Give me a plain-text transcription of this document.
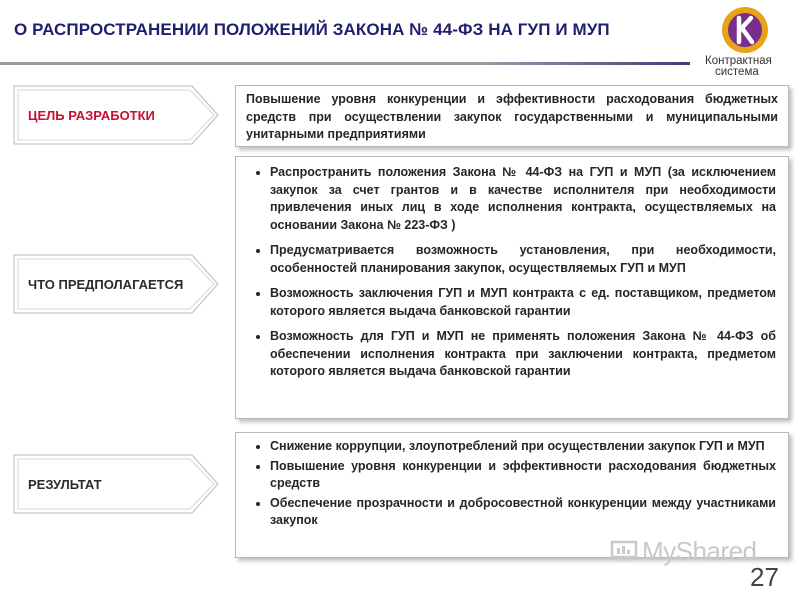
О РАСПРОСТРАНЕНИИ ПОЛОЖЕНИЙ ЗАКОНА № 44-ФЗ НА ГУП И МУП
Контрактная
система
ЦЕЛЬ РАЗРАБОТКИ
Повышение уровня конкуренции и эффективности расходования бюджетных средств при осуществлении закупок государственными и муниципальными унитарными предприятиями
ЧТО ПРЕДПОЛАГАЕТСЯ
• Распространить положения Закона № 44-ФЗ на ГУП и МУП (за исключением закупок за счет грантов и в качестве исполнителя при необходимости привлечения иных лиц в ходе исполнения контракта, осуществляемых на основании Закона № 223-ФЗ )
• Предусматривается возможность установления, при необходимости, особенностей планирования закупок, осуществляемых ГУП и МУП
• Возможность заключения ГУП и МУП контракта с ед. поставщиком, предметом которого является выдача банковской гарантии
• Возможность для ГУП и МУП не применять положения Закона № 44-ФЗ об обеспечении исполнения контракта при заключении контракта, предметом которого является выдача банковской гарантии
РЕЗУЛЬТАТ
• Снижение коррупции, злоупотреблений при осуществлении закупок ГУП и МУП
• Повышение уровня конкуренции и эффективности расходования бюджетных средств
• Обеспечение прозрачности и добросовестной конкуренции между участниками закупок
MyShared
27
